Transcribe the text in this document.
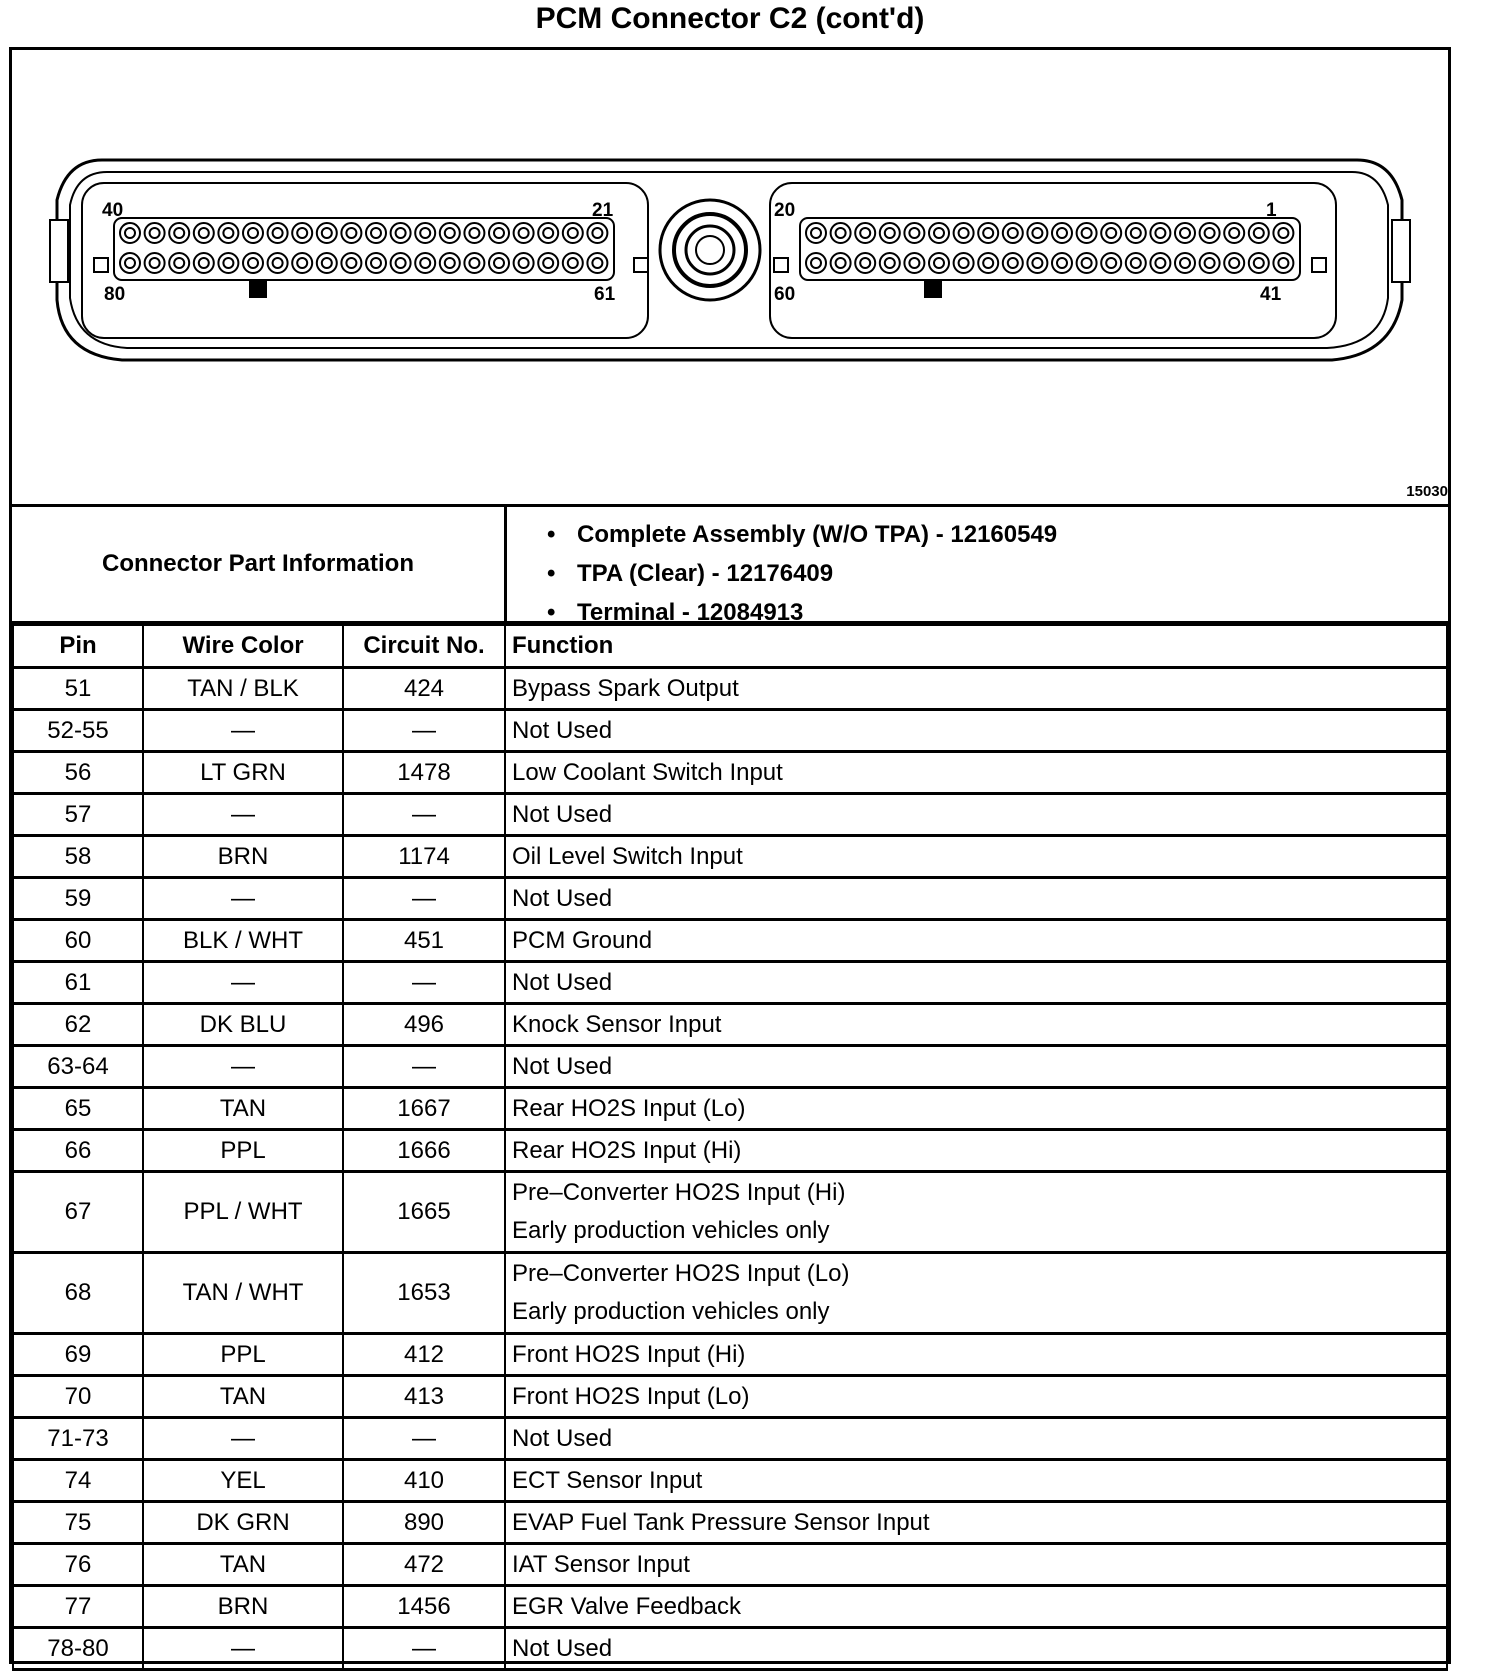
PCM Connector C2 (cont'd)
40	21
80	61
20	1
60	41
15030
Connector Part Information
• Complete Assembly (W/O TPA) - 12160549
• TPA (Clear) - 12176409
• Terminal - 12084913
Pin	Wire Color	Circuit No.	Function
51	TAN / BLK	424	Bypass Spark Output

52-55	—	—	Not Used

56	LT GRN	1478	Low Coolant Switch Input

57	—	—	Not Used

58	BRN	1174	Oil Level Switch Input

59	—	—	Not Used

60	BLK / WHT	451	PCM Ground

61	—	—	Not Used

62	DK BLU	496	Knock Sensor Input

63-64	—	—	Not Used

65	TAN	1667	Rear HO2S Input (Lo)

66	PPL	1666	Rear HO2S Input (Hi)

67	PPL / WHT	1665	Pre–Converter HO2S Input (Hi)
Early production vehicles only

68	TAN / WHT	1653	Pre–Converter HO2S Input (Lo)
Early production vehicles only

69	PPL	412	Front HO2S Input (Hi)

70	TAN	413	Front HO2S Input (Lo)

71-73	—	—	Not Used

74	YEL	410	ECT Sensor Input

75	DK GRN	890	EVAP Fuel Tank Pressure Sensor Input

76	TAN	472	IAT Sensor Input

77	BRN	1456	EGR Valve Feedback

78-80	—	—	Not Used
